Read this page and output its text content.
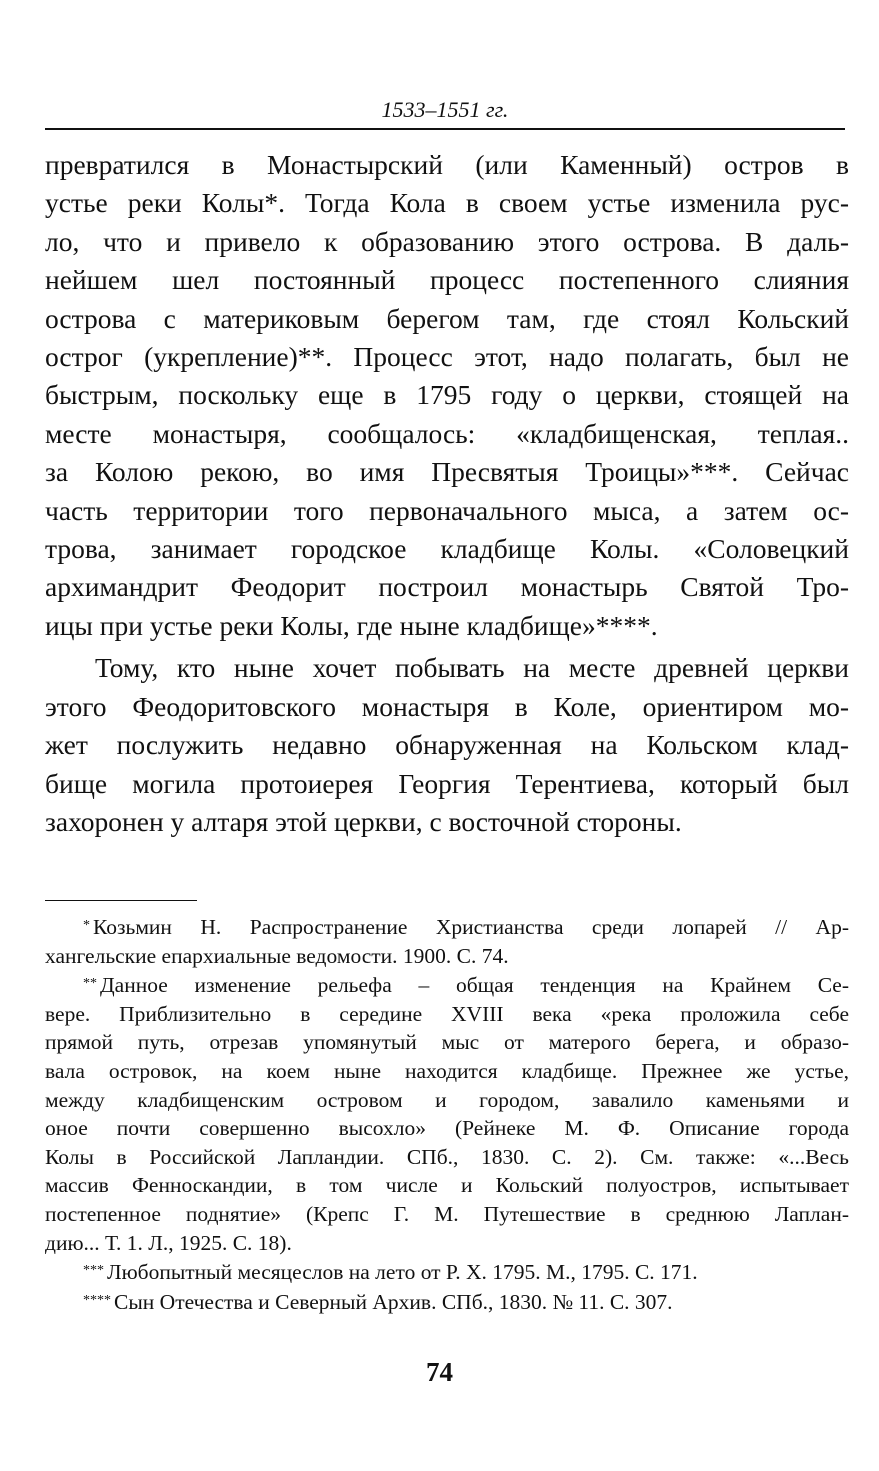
1533–1551 гг.

превратился в Монастырский (или Каменный) остров в
устье реки Колы*. Тогда Кола в своем устье изменила рус-
ло, что и привело к образованию этого острова. В даль-
нейшем шел постоянный процесс постепенного слияния
острова с материковым берегом там, где стоял Кольский
острог (укрепление)**. Процесс этот, надо полагать, был не
быстрым, поскольку еще в 1795 году о церкви, стоящей на
месте монастыря, сообщалось: «кладбищенская, теплая..
за Колою рекою, во имя Пресвятыя Троицы»***. Сейчас
часть территории того первоначального мыса, а затем ос-
трова, занимает городское кладбище Колы. «Соловецкий
архимандрит Феодорит построил монастырь Святой Тро-
ицы при устье реки Колы, где ныне кладбище»****.

Тому, кто ныне хочет побывать на месте древней церкви
этого Феодоритовского монастыря в Коле, ориентиром мо-
жет послужить недавно обнаруженная на Кольском клад-
бище могила протоиерея Георгия Терентиева, который был
захоронен у алтаря этой церкви, с восточной стороны.

* Козьмин Н. Распространение Христианства среди лопарей // Ар-
хангельские епархиальные ведомости. 1900. С. 74.
** Данное изменение рельефа – общая тенденция на Крайнем Се-
вере. Приблизительно в середине XVIII века «река проложила себе
прямой путь, отрезав упомянутый мыс от матерого берега, и образо-
вала островок, на коем ныне находится кладбище. Прежнее же устье,
между кладбищенским островом и городом, завалило каменьями и
оное почти совершенно высохло» (Рейнеке М. Ф. Описание города
Колы в Российской Лапландии. СПб., 1830. С. 2). См. также: «...Весь
массив Фенноскандии, в том числе и Кольский полуостров, испытывает
постепенное поднятие» (Крепс Г. М. Путешествие в среднюю Лаплан-
дию... Т. 1. Л., 1925. С. 18).
*** Любопытный месяцеслов на лето от Р. Х. 1795. М., 1795. С. 171.
**** Сын Отечества и Северный Архив. СПб., 1830. № 11. С. 307.
74
